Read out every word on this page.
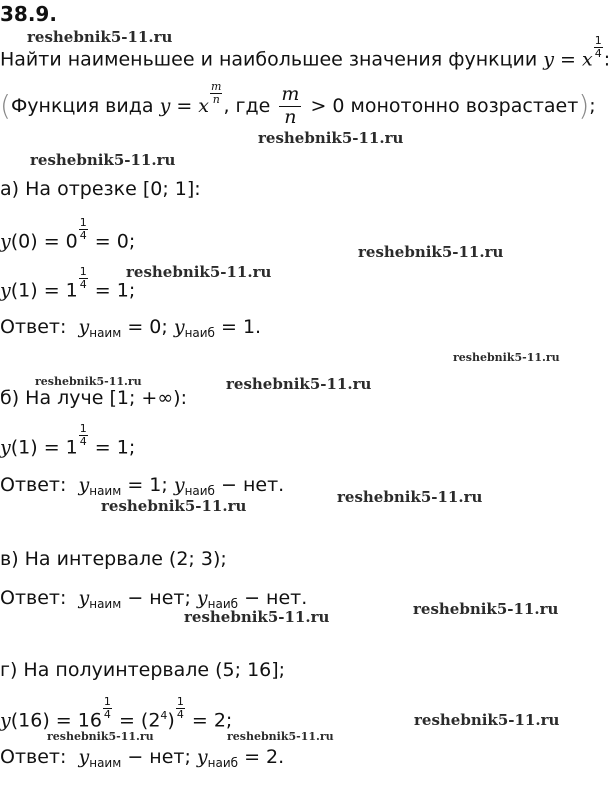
38.9.
Найти наименьшее и наибольшее значения функции y = x
$\frac{1}{4}$
:
(Функция вида y = x
$\frac{m}{n}$
, где $\frac{m}{n} > 0$ монотонно возрастает);
а) На отрезке [0; 1]:
y(0) = 0
$\frac{1}{4}$
= 0;
y(1) = 1
$\frac{1}{4}$
= 1;
Ответ: $y_{наим} = 0$; $y_{наиб} = 1$.
б) На луче [1; +∞):
y(1) = 1
$\frac{1}{4}$
= 1;
Ответ: $y_{наим} = 1$; $y_{наиб}$ − нет.
в) На интервале (2; 3);
Ответ: $y_{наим}$ − нет; $y_{наиб}$ − нет.
г) На полуинтервале (5; 16];
y(16) = 16
$\frac{1}{4}$
= $(2^4)$
$\frac{1}{4}$
= 2;
Ответ: $y_{наим}$ − нет; $y_{наиб} = 2$.
reshebnik5-11.ru
reshebnik5-11.ru
reshebnik5-11.ru
reshebnik5-11.ru
reshebnik5-11.ru
reshebnik5-11.ru
reshebnik5-11.ru	reshebnik5-11.ru
reshebnik5-11.ru
reshebnik5-11.ru
reshebnik5-11.ru
reshebnik5-11.ru
reshebnik5-11.ru
reshebnik5-11.ru	reshebnik5-11.ru
